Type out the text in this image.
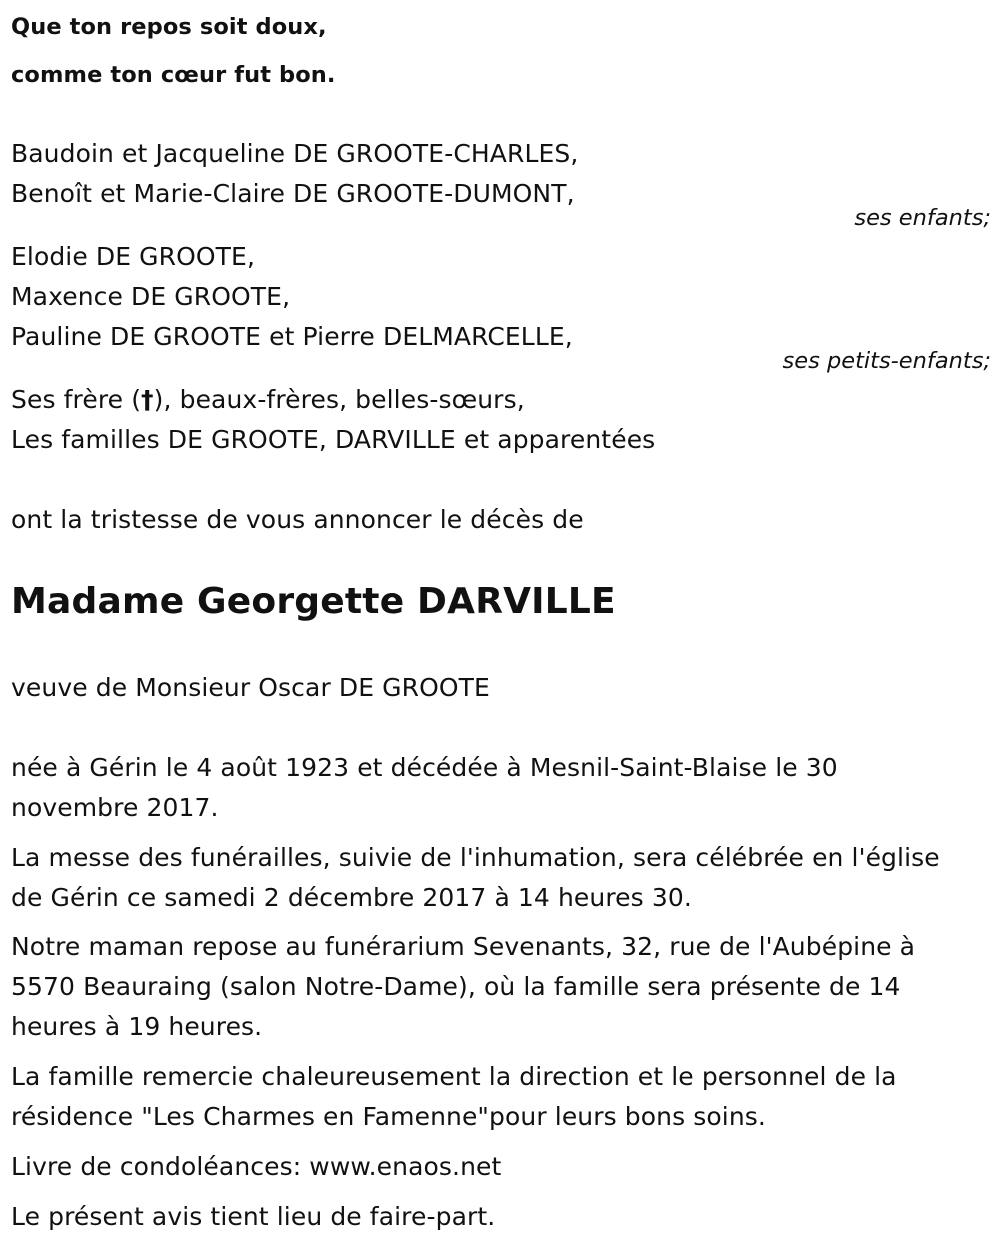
Que ton repos soit doux,
comme ton cœur fut bon.
Baudoin et Jacqueline DE GROOTE-CHARLES,
Benoît et Marie-Claire DE GROOTE-DUMONT,
ses enfants;
Elodie DE GROOTE,
Maxence DE GROOTE,
Pauline DE GROOTE et Pierre DELMARCELLE,
ses petits-enfants;
Ses frère (†), beaux-frères, belles-sœurs,
Les familles DE GROOTE, DARVILLE et apparentées
ont la tristesse de vous annoncer le décès de
Madame Georgette DARVILLE
veuve de Monsieur Oscar DE GROOTE
née à Gérin le 4 août 1923 et décédée à Mesnil-Saint-Blaise le 30
novembre 2017.
La messe des funérailles, suivie de l'inhumation, sera célébrée en l'église
de Gérin ce samedi 2 décembre 2017 à 14 heures 30.
Notre maman repose au funérarium Sevenants, 32, rue de l'Aubépine à
5570 Beauraing (salon Notre-Dame), où la famille sera présente de 14
heures à 19 heures.
La famille remercie chaleureusement la direction et le personnel de la
résidence "Les Charmes en Famenne"pour leurs bons soins.
Livre de condoléances: www.enaos.net
Le présent avis tient lieu de faire-part.
